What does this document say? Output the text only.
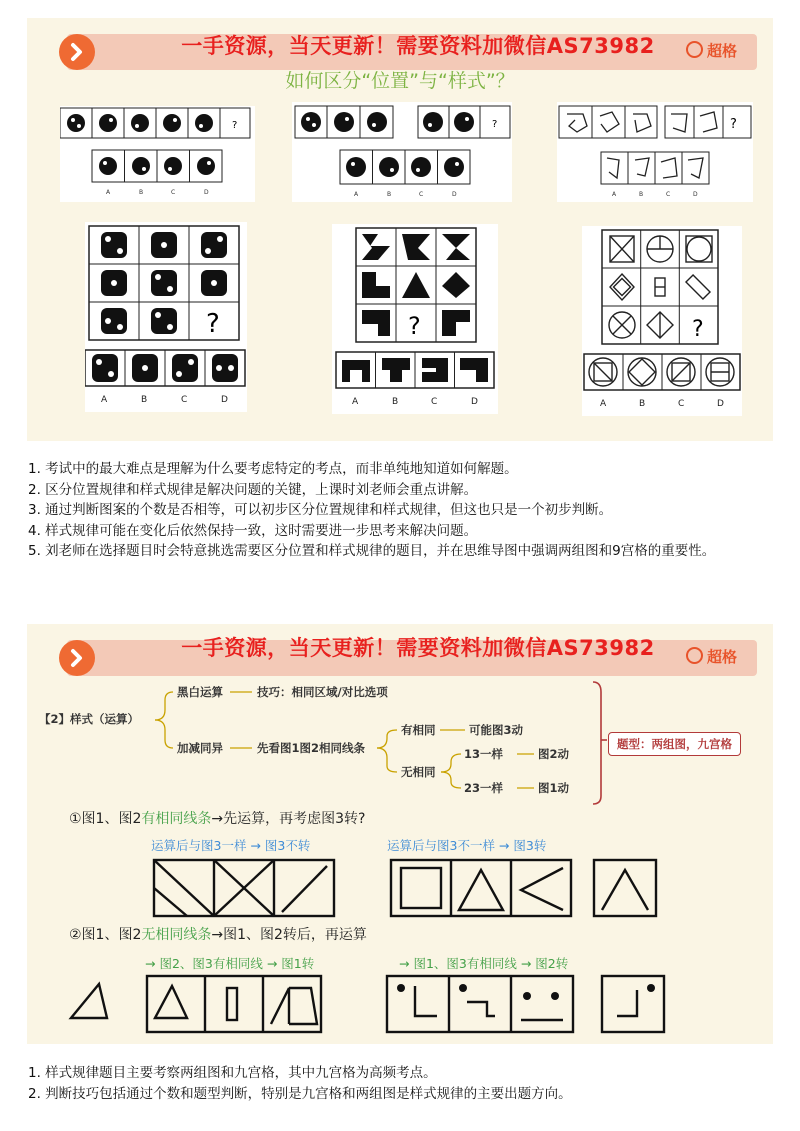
一手资源，当天更新！需要资料加微信AS73982	超格
如何区分“位置”与“样式”？
?
A	B	C	D
?
A	B	C	D
?
A	B	C	D
?
A	B	C	D
?
A	B	C	D
?
A	B	C	D

1. 考试中的最大难点是理解为什么要考虑特定的考点，而非单纯地知道如何解题。

2. 区分位置规律和样式规律是解决问题的关键，上课时刘老师会重点讲解。

3. 通过判断图案的个数是否相等，可以初步区分位置规律和样式规律，但这也只是一个初步判断。

4. 样式规律可能在变化后依然保持一致，这时需要进一步思考来解决问题。

5. 刘老师在选择题目时会特意挑选需要区分位置和样式规律的题目，并在思维导图中强调两组图和9宫格的重要性。

一手资源，当天更新！需要资料加微信AS73982	超格
【2】样式（运算）
黑白运算	技巧：相同区域/对比选项
加减同异	先看图1图2相同线条
有相同	可能图3动
无相同
13一样	图2动
23一样	图1动
题型：两组图，九宫格
①图1、图2有相同线条→先运算，再考虑图3转?
运算后与图3一样 → 图3不转	运算后与图3不一样 → 图3转
②图1、图2无相同线条→图1、图2转后，再运算
→ 图2、图3有相同线 → 图1转	→ 图1、图3有相同线 → 图2转

1. 样式规律题目主要考察两组图和九宫格，其中九宫格为高频考点。

2. 判断技巧包括通过个数和题型判断，特别是九宫格和两组图是样式规律的主要出题方向。
